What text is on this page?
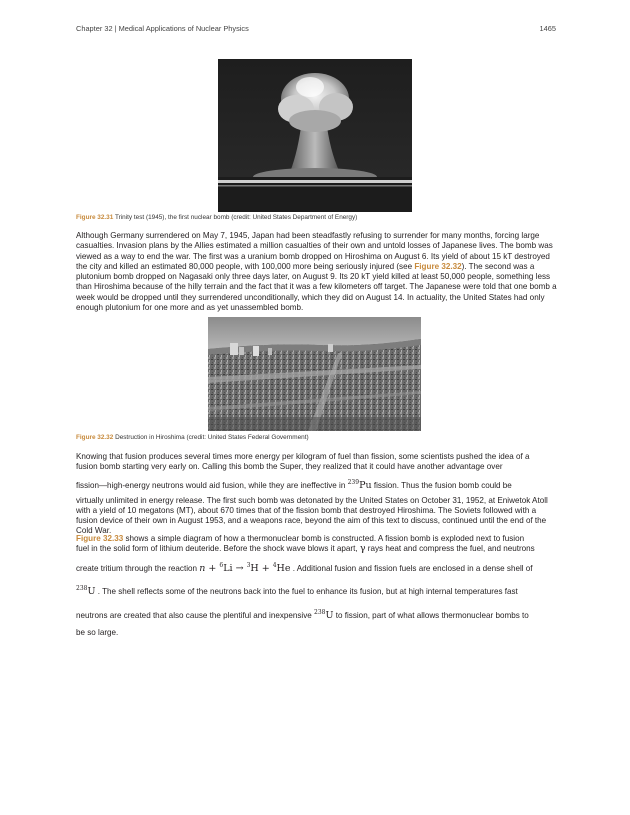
Chapter 32 | Medical Applications of Nuclear Physics	1465
Figure 32.31 Trinity test (1945), the first nuclear bomb (credit: United States Department of Energy)

Although Germany surrendered on May 7, 1945, Japan had been steadfastly refusing to surrender for many months, forcing large casualties. Invasion plans by the Allies estimated a million casualties of their own and untold losses of Japanese lives. The bomb was viewed as a way to end the war. The first was a uranium bomb dropped on Hiroshima on August 6. Its yield of about 15 kT destroyed the city and killed an estimated 80,000 people, with 100,000 more being seriously injured (see Figure 32.32). The second was a plutonium bomb dropped on Nagasaki only three days later, on August 9. Its 20 kT yield killed at least 50,000 people, something less than Hiroshima because of the hilly terrain and the fact that it was a few kilometers off target. The Japanese were told that one bomb a week would be dropped until they surrendered unconditionally, which they did on August 14. In actuality, the United States had only enough plutonium for one more and as yet unassembled bomb.

Figure 32.32 Destruction in Hiroshima (credit: United States Federal Government)
Knowing that fusion produces several times more energy per kilogram of fuel than fission, some scientists pushed the idea of a
fusion bomb starting very early on. Calling this bomb the Super, they realized that it could have another advantage over
fission—high-energy neutrons would aid fusion, while they are ineffective in $^{239}$Pu fission. Thus the fusion bomb could be

virtually unlimited in energy release. The first such bomb was detonated by the United States on October 31, 1952, at Eniwetok Atoll with a yield of 10 megatons (MT), about 670 times that of the fission bomb that destroyed Hiroshima. The Soviets followed with a fusion device of their own in August 1953, and a weapons race, beyond the aim of this text to discuss, continued until the end of the Cold War.

Figure 32.33 shows a simple diagram of how a thermonuclear bomb is constructed. A fission bomb is exploded next to fusion
fuel in the solid form of lithium deuteride. Before the shock wave blows it apart, γ rays heat and compress the fuel, and neutrons
create tritium through the reaction n + $^6$Li → $^3$H + $^4$He . Additional fusion and fission fuels are enclosed in a dense shell of
$^{238}$U . The shell reflects some of the neutrons back into the fuel to enhance its fusion, but at high internal temperatures fast
neutrons are created that also cause the plentiful and inexpensive $^{238}$U to fission, part of what allows thermonuclear bombs to
be so large.
